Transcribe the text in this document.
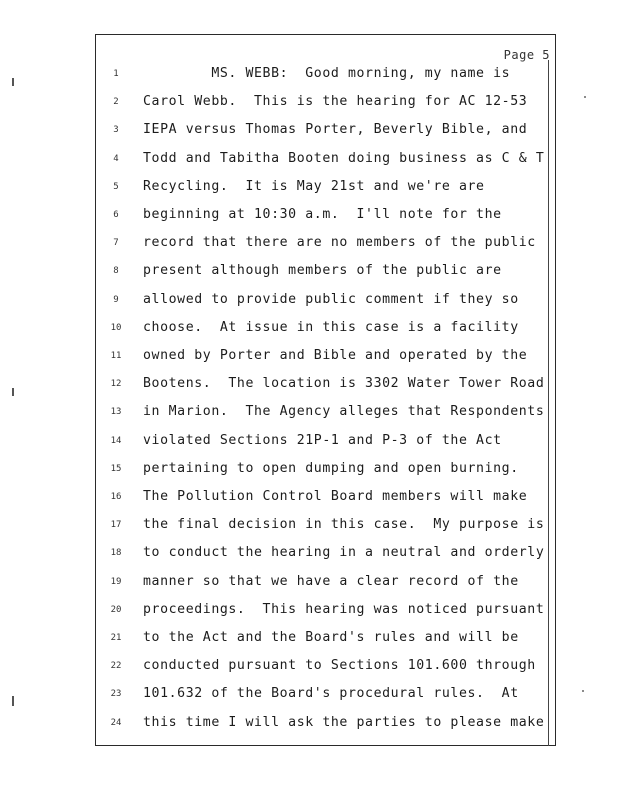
Page 5
1	MS. WEBB:  Good morning, my name is
2	Carol Webb.  This is the hearing for AC 12-53
3	IEPA versus Thomas Porter, Beverly Bible, and
4	Todd and Tabitha Booten doing business as C & T
5	Recycling.  It is May 21st and we're are
6	beginning at 10:30 a.m.  I'll note for the
7	record that there are no members of the public
8	present although members of the public are
9	allowed to provide public comment if they so
10	choose.  At issue in this case is a facility
11	owned by Porter and Bible and operated by the
12	Bootens.  The location is 3302 Water Tower Road
13	in Marion.  The Agency alleges that Respondents
14	violated Sections 21P-1 and P-3 of the Act
15	pertaining to open dumping and open burning.
16	The Pollution Control Board members will make
17	the final decision in this case.  My purpose is
18	to conduct the hearing in a neutral and orderly
19	manner so that we have a clear record of the
20	proceedings.  This hearing was noticed pursuant
21	to the Act and the Board's rules and will be
22	conducted pursuant to Sections 101.600 through
23	101.632 of the Board's procedural rules.  At
24	this time I will ask the parties to please make
